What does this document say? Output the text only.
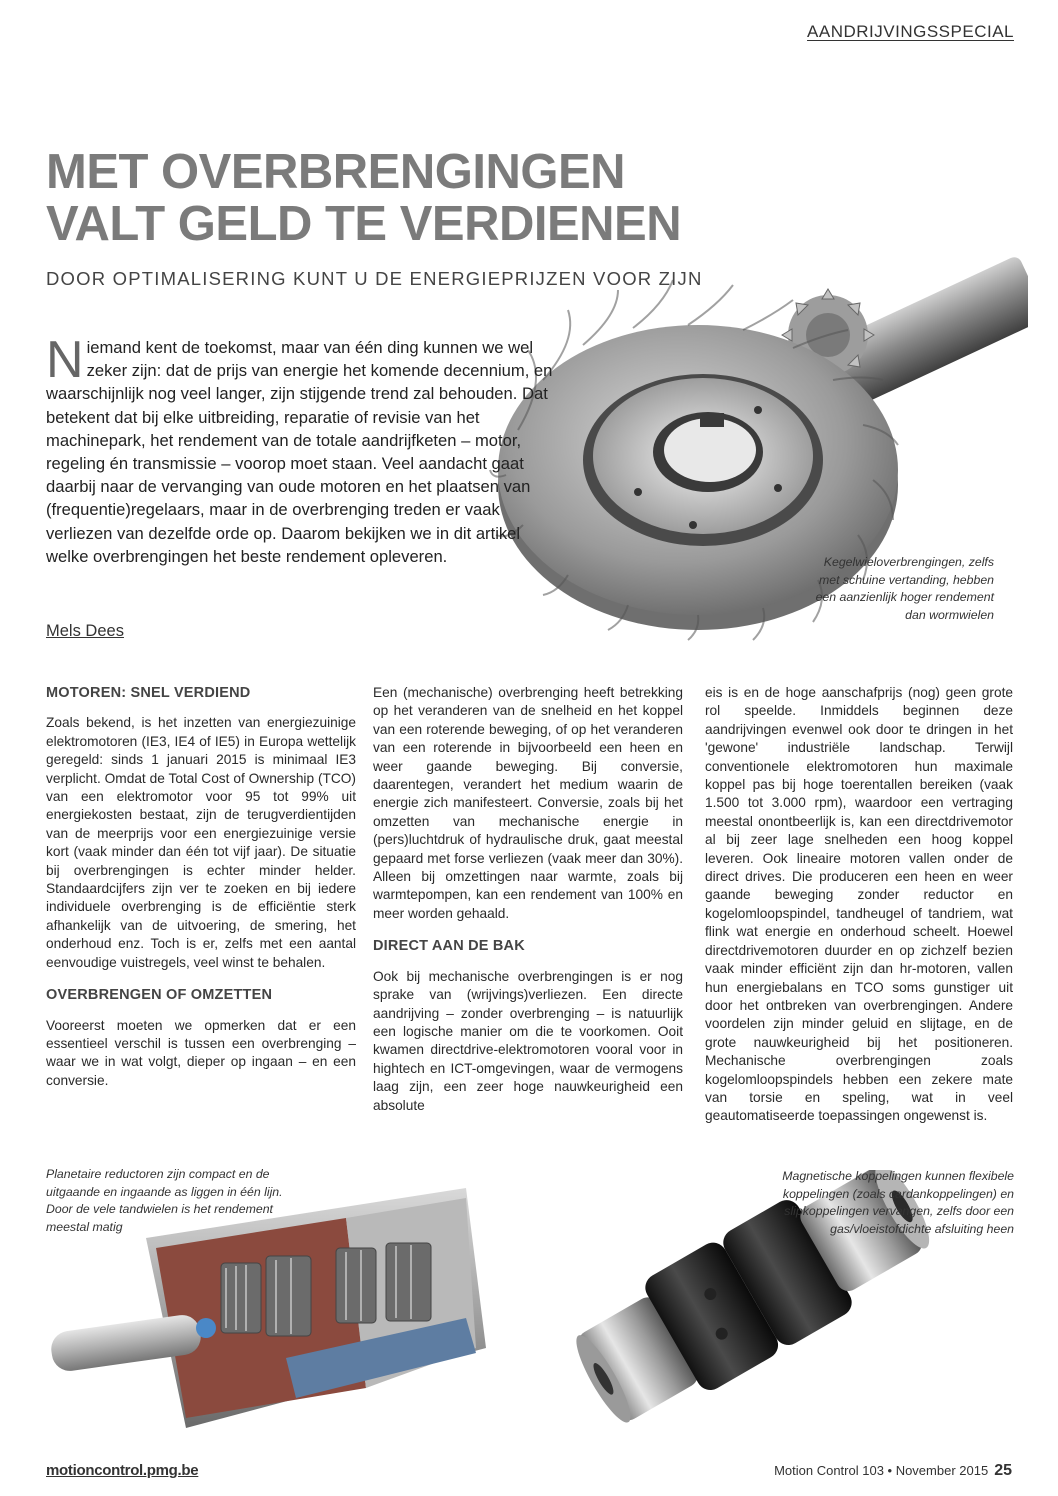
AANDRIJVINGSSPECIAL
MET OVERBRENGINGEN
VALT GELD TE VERDIENEN
DOOR OPTIMALISERING KUNT U DE ENERGIEPRIJZEN VOOR ZIJN
Niemand kent de toekomst, maar van één ding kunnen we wel zeker zijn: dat de prijs van energie het komende decennium, en waarschijnlijk nog veel langer, zijn stijgende trend zal behouden. Dat betekent dat bij elke uitbreiding, reparatie of revisie van het machinepark, het rendement van de totale aandrijfketen – motor, regeling én transmissie – voorop moet staan. Veel aandacht gaat daarbij naar de vervanging van oude motoren en het plaatsen van (frequentie)regelaars, maar in de overbrenging treden er vaak verliezen van dezelfde orde op. Daarom bekijken we in dit artikel welke overbrengingen het beste rendement opleveren.
Mels Dees
Kegelwieloverbrengingen, zelfs met schuine vertanding, hebben een aanzienlijk hoger rendement dan wormwielen
MOTOREN: SNEL VERDIEND

Zoals bekend, is het inzetten van energiezuinige elektromotoren (IE3, IE4 of IE5) in Europa wettelijk geregeld: sinds 1 januari 2015 is minimaal IE3 verplicht. Omdat de Total Cost of Ownership (TCO) van een elektromotor voor 95 tot 99% uit energiekosten bestaat, zijn de terugverdientijden van de meerprijs voor een energiezuinige versie kort (vaak minder dan één tot vijf jaar). De situatie bij overbrengingen is echter minder helder. Standaardcijfers zijn ver te zoeken en bij iedere individuele overbrenging is de efficiëntie sterk afhankelijk van de uitvoering, de smering, het onderhoud enz. Toch is er, zelfs met een aantal eenvoudige vuistregels, veel winst te behalen.

OVERBRENGEN OF OMZETTEN

Vooreerst moeten we opmerken dat er een essentieel verschil is tussen een overbrenging – waar we in wat volgt, dieper op ingaan – en een conversie.

Een (mechanische) overbrenging heeft betrekking op het veranderen van de snelheid en het koppel van een roterende beweging, of op het veranderen van een roterende in bijvoorbeeld een heen en weer gaande beweging. Bij conversie, daarentegen, verandert het medium waarin de energie zich manifesteert. Conversie, zoals bij het omzetten van mechanische energie in (pers)luchtdruk of hydraulische druk, gaat meestal gepaard met forse verliezen (vaak meer dan 30%). Alleen bij omzettingen naar warmte, zoals bij warmtepompen, kan een rendement van 100% en meer worden gehaald.

DIRECT AAN DE BAK

Ook bij mechanische overbrengingen is er nog sprake van (wrijvings)verliezen. Een directe aandrijving – zonder overbrenging – is natuurlijk een logische manier om die te voorkomen. Ooit kwamen directdrive-elektromotoren vooral voor in hightech en ICT-omgevingen, waar de vermogens laag zijn, een zeer hoge nauwkeurigheid een absolute

eis is en de hoge aanschafprijs (nog) geen grote rol speelde. Inmiddels beginnen deze aandrijvingen evenwel ook door te dringen in het 'gewone' industriële landschap. Terwijl conventionele elektromotoren hun maximale koppel pas bij hoge toerentallen bereiken (vaak 1.500 tot 3.000 rpm), waardoor een vertraging meestal onontbeerlijk is, kan een directdrivemotor al bij zeer lage snelheden een hoog koppel leveren. Ook lineaire motoren vallen onder de direct drives. Die produceren een heen en weer gaande beweging zonder reductor en kogelomloopspindel, tandheugel of tandriem, wat flink wat energie en onderhoud scheelt. Hoewel directdrivemotoren duurder en op zichzelf bezien vaak minder efficiënt zijn dan hr-motoren, vallen hun energiebalans en TCO soms gunstiger uit door het ontbreken van overbrengingen. Andere voordelen zijn minder geluid en slijtage, en de grote nauwkeurigheid bij het positioneren. Mechanische overbrengingen zoals kogelomloopspindels hebben een zekere mate van torsie en speling, wat in veel geautomatiseerde toepassingen ongewenst is.

Planetaire reductoren zijn compact en de uitgaande en ingaande as liggen in één lijn. Door de vele tandwielen is het rendement meestal matig
Magnetische koppelingen kunnen flexibele koppelingen (zoals cardankoppelingen) en slipkoppelingen vervangen, zelfs door een gas/vloeistofdichte afsluiting heen
motioncontrol.pmg.be	Motion Control 103 • November 2015 25
